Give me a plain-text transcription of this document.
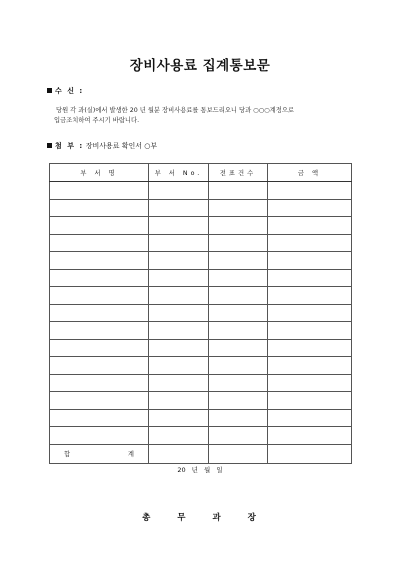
장비사용료 집계통보문
수 신 :
당원 각 과(실)에서 발생한 20 년 월분 장비사용료를 통보드리오니 당과 ○○○계정으로
입금조치하여 주시기 바랍니다.
첨 부 : 장비사용료 확인서 ○부
부 서 명	부 서 No.	전표건수	금 액

합 계			

20 년 월 일
총 무 과 장
